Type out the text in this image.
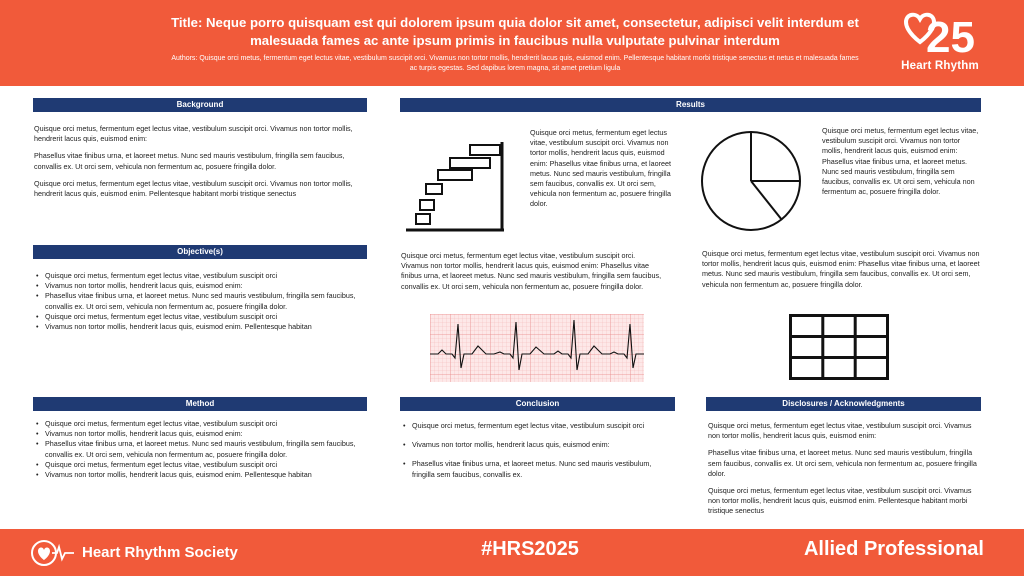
Title: Neque porro quisquam est qui dolorem ipsum quia dolor sit amet, consectetur, adipisci velit interdum et malesuada fames ac ante ipsum primis in faucibus nulla vulputate pulvinar interdum
Authors: Quisque orci metus, fermentum eget lectus vitae, vestibulum suscipit orci. Vivamus non tortor mollis, hendrerit lacus quis, euismod enim. Pellentesque habitant morbi tristique senectus et netus et malesuada fames ac turpis egestas. Sed dapibus lorem magna, sit amet pretium ligula
25
Heart Rhythm
Background

Quisque orci metus, fermentum eget lectus vitae, vestibulum suscipit orci. Vivamus non tortor mollis, hendrerit lacus quis, euismod enim:

Phasellus vitae finibus urna, et laoreet metus. Nunc sed mauris vestibulum, fringilla sem faucibus, convallis ex. Ut orci sem, vehicula non fermentum ac, posuere fringilla dolor.

Quisque orci metus, fermentum eget lectus vitae, vestibulum suscipit orci. Vivamus non tortor mollis, hendrerit lacus quis, euismod enim. Pellentesque habitant morbi tristique senectus

Objective(s)
• Quisque orci metus, fermentum eget lectus vitae, vestibulum suscipit orci
• Vivamus non tortor mollis, hendrerit lacus quis, euismod enim:
• Phasellus vitae finibus urna, et laoreet metus. Nunc sed mauris vestibulum, fringilla sem faucibus, convallis ex. Ut orci sem, vehicula non fermentum ac, posuere fringilla dolor.
• Quisque orci metus, fermentum eget lectus vitae, vestibulum suscipit orci
• Vivamus non tortor mollis, hendrerit lacus quis, euismod enim. Pellentesque habitan
Method
• Quisque orci metus, fermentum eget lectus vitae, vestibulum suscipit orci
• Vivamus non tortor mollis, hendrerit lacus quis, euismod enim:
• Phasellus vitae finibus urna, et laoreet metus. Nunc sed mauris vestibulum, fringilla sem faucibus, convallis ex. Ut orci sem, vehicula non fermentum ac, posuere fringilla dolor.
• Quisque orci metus, fermentum eget lectus vitae, vestibulum suscipit orci
• Vivamus non tortor mollis, hendrerit lacus quis, euismod enim. Pellentesque habitan
Results
Quisque orci metus, fermentum eget lectus vitae, vestibulum suscipit orci. Vivamus non tortor mollis, hendrerit lacus quis, euismod enim: Phasellus vitae finibus urna, et laoreet metus. Nunc sed mauris vestibulum, fringilla sem faucibus, convallis ex. Ut orci sem, vehicula non fermentum ac, posuere fringilla dolor.
Quisque orci metus, fermentum eget lectus vitae, vestibulum suscipit orci. Vivamus non tortor mollis, hendrerit lacus quis, euismod enim: Phasellus vitae finibus urna, et laoreet metus. Nunc sed mauris vestibulum, fringilla sem faucibus, convallis ex. Ut orci sem, vehicula non fermentum ac, posuere fringilla dolor.
Quisque orci metus, fermentum eget lectus vitae, vestibulum suscipit orci. Vivamus non tortor mollis, hendrerit lacus quis, euismod enim: Phasellus vitae finibus urna, et laoreet metus. Nunc sed mauris vestibulum, fringilla sem faucibus, convallis ex. Ut orci sem, vehicula non fermentum ac, posuere fringilla dolor.
Quisque orci metus, fermentum eget lectus vitae, vestibulum suscipit orci. Vivamus non tortor mollis, hendrerit lacus quis, euismod enim: Phasellus vitae finibus urna, et laoreet metus. Nunc sed mauris vestibulum, fringilla sem faucibus, convallis ex. Ut orci sem, vehicula non fermentum ac, posuere fringilla dolor.
Conclusion
• Quisque orci metus, fermentum eget lectus vitae, vestibulum suscipit orci
• Vivamus non tortor mollis, hendrerit lacus quis, euismod enim:
• Phasellus vitae finibus urna, et laoreet metus. Nunc sed mauris vestibulum, fringilla sem faucibus, convallis ex.
Disclosures / Acknowledgments

Quisque orci metus, fermentum eget lectus vitae, vestibulum suscipit orci. Vivamus non tortor mollis, hendrerit lacus quis, euismod enim:

Phasellus vitae finibus urna, et laoreet metus. Nunc sed mauris vestibulum, fringilla sem faucibus, convallis ex. Ut orci sem, vehicula non fermentum ac, posuere fringilla dolor.

Quisque orci metus, fermentum eget lectus vitae, vestibulum suscipit orci. Vivamus non tortor mollis, hendrerit lacus quis, euismod enim. Pellentesque habitant morbi tristique senectus

Heart Rhythm Society	#HRS2025	Allied Professional
